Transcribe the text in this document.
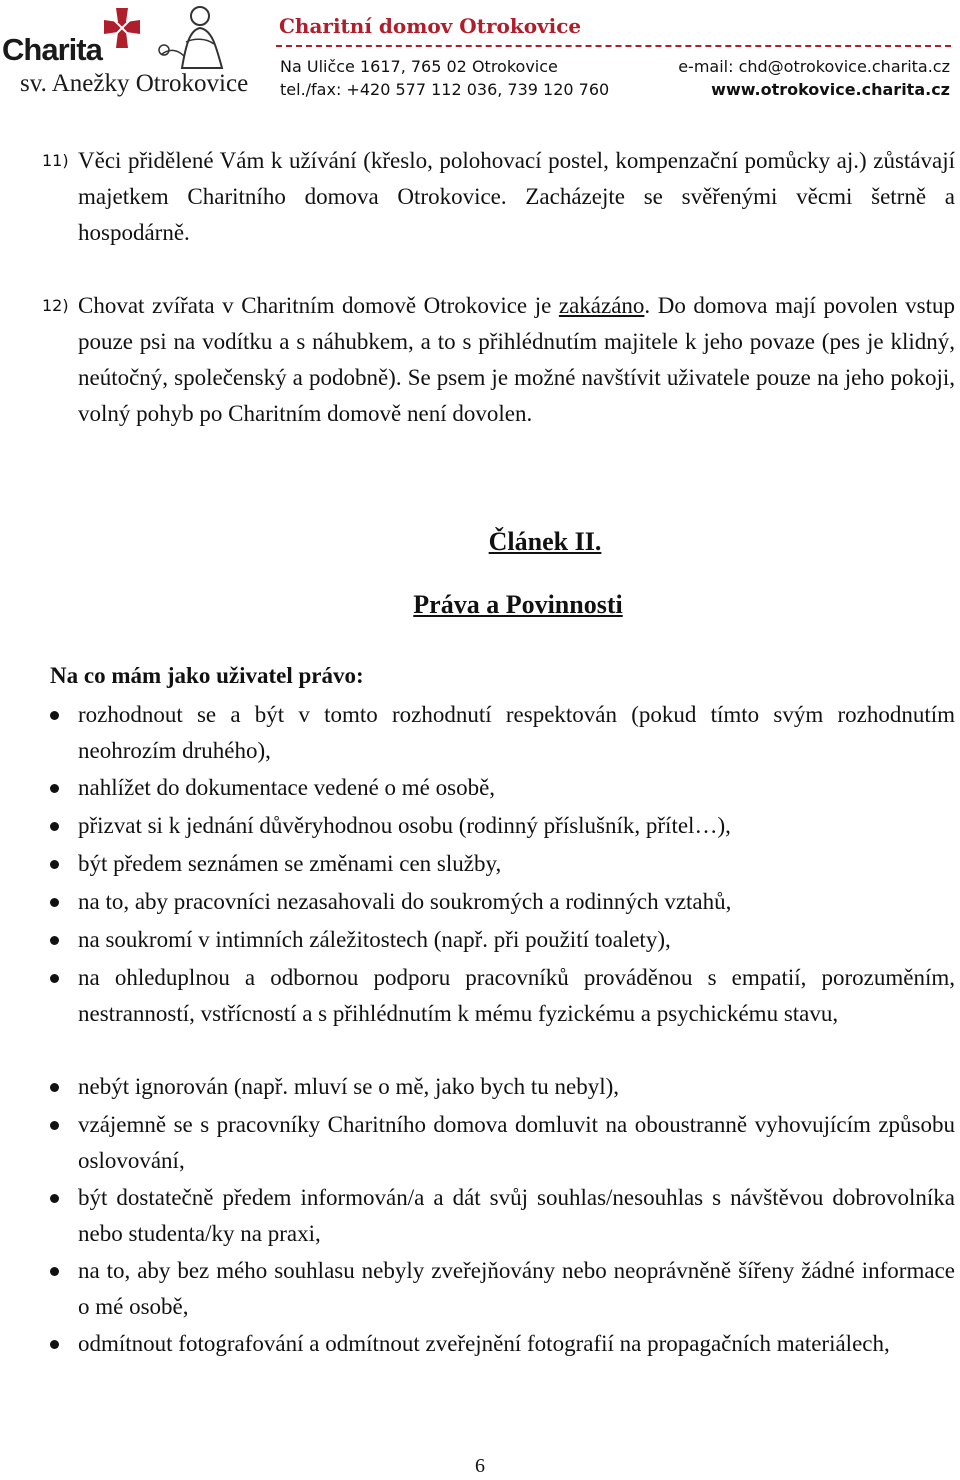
Charita
sv. Anežky Otrokovice
Charitní domov Otrokovice
Na Uličce 1617, 765 02 Otrokovice
tel./fax: +420 577 112 036, 739 120 760
e-mail: chd@otrokovice.charita.cz
www.otrokovice.charita.cz
11) Věci přidělené Vám k užívání (křeslo, polohovací postel, kompenzační pomůcky aj.) zůstávají majetkem Charitního domova Otrokovice. Zacházejte se svěřenými věcmi šetrně a hospodárně.
12) Chovat zvířata v Charitním domově Otrokovice je zakázáno. Do domova mají povolen vstup pouze psi na vodítku a s náhubkem, a to s přihlédnutím majitele k jeho povaze (pes je klidný, neútočný, společenský a podobně). Se psem je možné navštívit uživatele pouze na jeho pokoji, volný pohyb po Charitním domově není dovolen.
Článek II.
Práva a Povinnosti
Na co mám jako uživatel právo:
rozhodnout se a být v tomto rozhodnutí respektován (pokud tímto svým rozhodnutím neohrozím druhého),
nahlížet do dokumentace vedené o mé osobě,
přizvat si k jednání důvěryhodnou osobu (rodinný příslušník, přítel…),
být předem seznámen se změnami cen služby,
na to, aby pracovníci nezasahovali do soukromých a rodinných vztahů,
na soukromí v intimních záležitostech (např. při použití toalety),
na ohleduplnou a odbornou podporu pracovníků prováděnou s empatií, porozuměním, nestranností, vstřícností a s přihlédnutím k mému fyzickému a psychickému stavu,
nebýt ignorován (např. mluví se o mě, jako bych tu nebyl),
vzájemně se s pracovníky Charitního domova domluvit na oboustranně vyhovujícím způsobu oslovování,
být dostatečně předem informován/a a dát svůj souhlas/nesouhlas s návštěvou dobrovolníka nebo studenta/ky na praxi,
na to, aby bez mého souhlasu nebyly zveřejňovány nebo neoprávněně šířeny žádné informace o mé osobě,
odmítnout fotografování a odmítnout zveřejnění fotografií na propagačních materiálech,
6
